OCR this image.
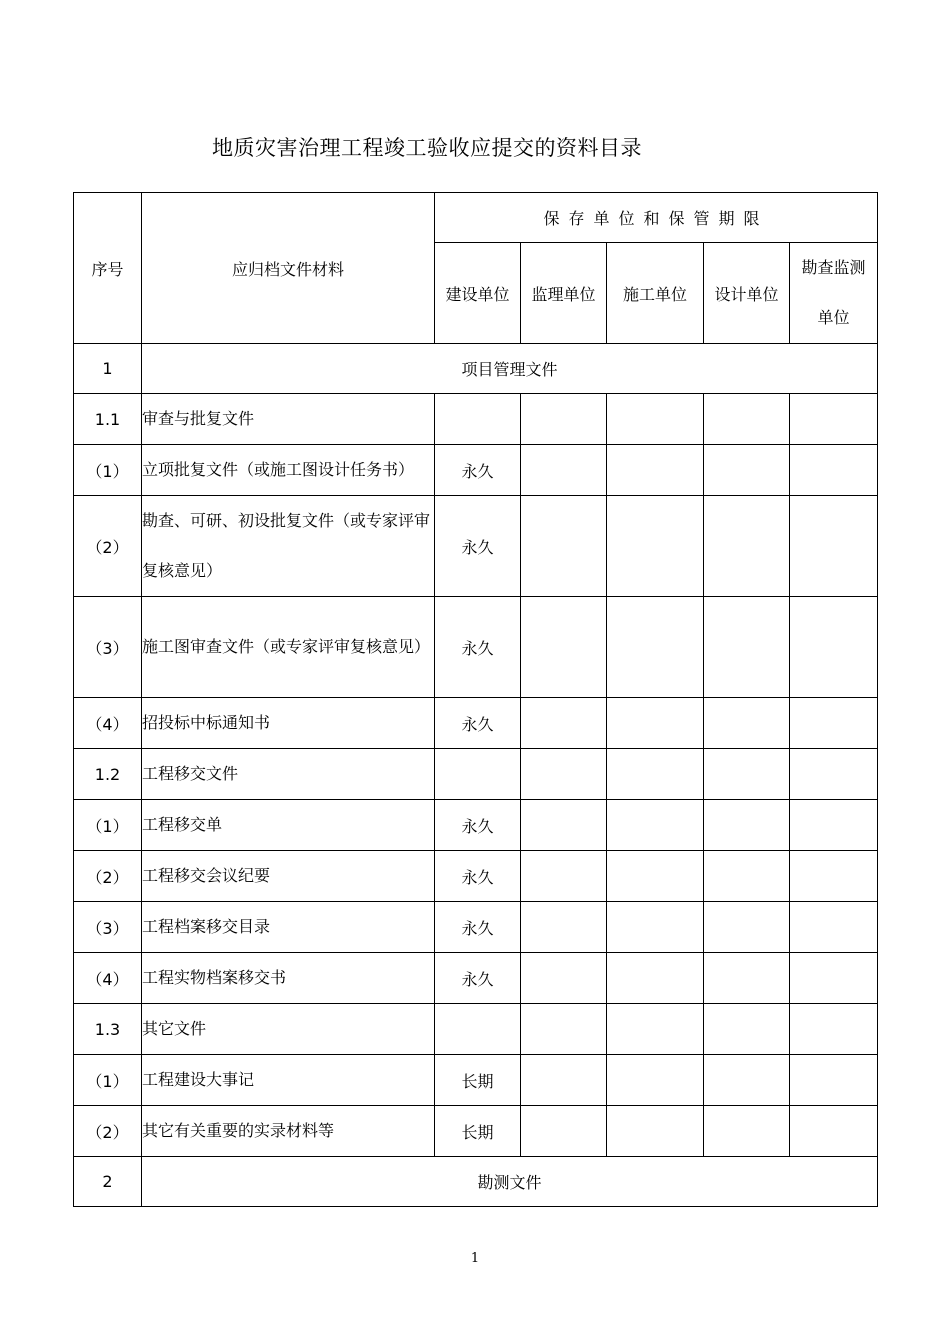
地质灾害治理工程竣工验收应提交的资料目录
序号	应归档文件材料	保存单位和保管期限				
		建设单位	监理单位	施工单位	设计单位	勘查监测单位
1	项目管理文件					
1.1	审查与批复文件					
（1）	立项批复文件（或施工图设计任务书）	永久				
（2）	勘查、可研、初设批复文件（或专家评审复核意见）	永久				
（3）	施工图审查文件（或专家评审复核意见）	永久				
（4）	招投标中标通知书	永久				
1.2	工程移交文件					
（1）	工程移交单	永久				
（2）	工程移交会议纪要	永久				
（3）	工程档案移交目录	永久				
（4）	工程实物档案移交书	永久				
1.3	其它文件					
（1）	工程建设大事记	长期				
（2）	其它有关重要的实录材料等	长期				
2	勘测文件					
1
